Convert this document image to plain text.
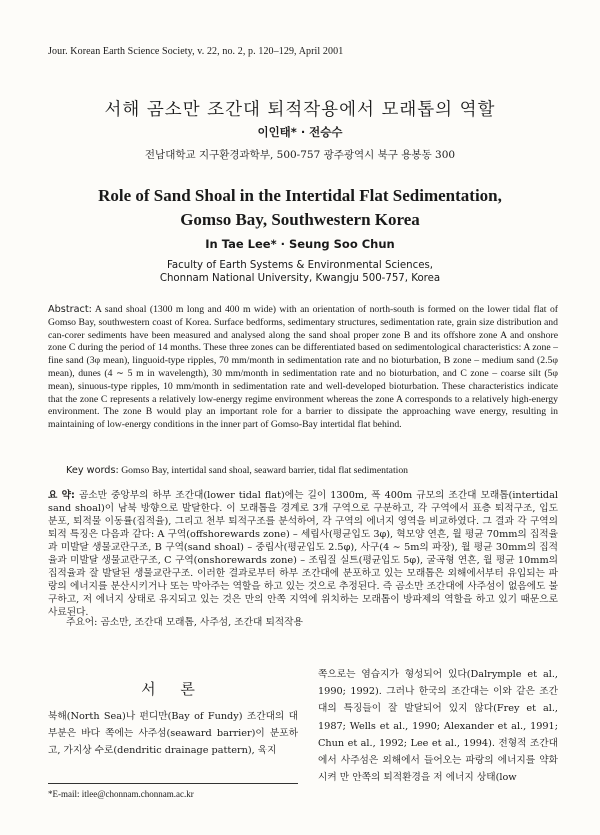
Jour. Korean Earth Science Society, v. 22, no. 2, p. 120–129, April 2001
서해 곰소만 조간대 퇴적작용에서 모래톱의 역할
이인태* · 전승수
전남대학교 지구환경과학부, 500-757 광주광역시 북구 용봉동 300
Role of Sand Shoal in the Intertidal Flat Sedimentation,
Gomso Bay, Southwestern Korea
In Tae Lee* · Seung Soo Chun
Faculty of Earth Systems & Environmental Sciences,
Chonnam National University, Kwangju 500-757, Korea
Abstract: A sand shoal (1300 m long and 400 m wide) with an orientation of north-south is formed on the lower tidal flat of Gomso Bay, southwestern coast of Korea. Surface bedforms, sedimentary structures, sedimentation rate, grain size distribution and can-corer sediments have been measured and analysed along the sand shoal proper zone B and its offshore zone A and onshore zone C during the period of 14 months. These three zones can be differentiated based on sedimentological characteristics: A zone – fine sand (3φ mean), linguoid-type ripples, 70 mm/month in sedimentation rate and no bioturbation, B zone – medium sand (2.5φ mean), dunes (4 ∼ 5 m in wavelength), 30 mm/month in sedimentation rate and no bioturbation, and C zone – coarse silt (5φ mean), sinuous-type ripples, 10 mm/month in sedimentation rate and well-developed bioturbation. These characteristics indicate that the zone C represents a relatively low-energy regime environment whereas the zone A corresponds to a relatively high-energy environment. The zone B would play an important role for a barrier to dissipate the approaching wave energy, resulting in maintaining of low-energy conditions in the inner part of Gomso-Bay intertidal flat behind.
Key words: Gomso Bay, intertidal sand shoal, seaward barrier, tidal flat sedimentation
요 약: 곰소만 중앙부의 하부 조간대(lower tidal flat)에는 길이 1300m, 폭 400m 규모의 조간대 모래톱(intertidal sand shoal)이 남북 방향으로 발달한다. 이 모래톱을 경계로 3개 구역으로 구분하고, 각 구역에서 표층 퇴적구조, 입도 분포, 퇴적물 이동률(집적율), 그리고 천부 퇴적구조를 분석하여, 각 구역의 에너지 영역을 비교하였다. 그 결과 각 구역의 퇴적 특징은 다음과 같다: A 구역(offshorewards zone) – 세립사(평균입도 3φ), 혁모양 연흔, 월 평균 70mm의 집적율과 미발달 생물교란구조, B 구역(sand shoal) – 중립사(평균입도 2.5φ), 사구(4 ∼ 5m의 파장), 월 평균 30mm의 집적율과 미발달 생물교란구조, C 구역(onshorewards zone) – 조립질 실트(평균입도 5φ), 굴곡형 연흔, 월 평균 10mm의 집적율과 잘 발달된 생물교란구조. 이러한 결과로부터 하부 조간대에 분포하고 있는 모래톱은 외해에서부터 유입되는 파랑의 에너지를 분산시키거나 또는 막아주는 역할을 하고 있는 것으로 추정된다. 즉 곰소만 조간대에 사주섬이 없음에도 불구하고, 저 에너지 상태로 유지되고 있는 것은 만의 안쪽 지역에 위치하는 모래톱이 방파제의 역할을 하고 있기 때문으로 사료된다.
주요어: 곰소만, 조간대 모래톱, 사주섬, 조간대 퇴적작용
서 론
북해(North Sea)나 펀디만(Bay of Fundy) 조간대의 대부분은 바다 쪽에는 사주섬(seaward barrier)이 분포하고, 가지상 수로(dendritic drainage pattern), 육지
쪽으로는 염습지가 형성되어 있다(Dalrymple et al., 1990; 1992). 그러나 한국의 조간대는 이와 같은 조간대의 특징들이 잘 발달되어 있지 않다(Frey et al., 1987; Wells et al., 1990; Alexander et al., 1991; Chun et al., 1992; Lee et al., 1994). 전형적 조간대에서 사주섬은 외해에서 들어오는 파랑의 에너지를 약화시켜 만 안쪽의 퇴적환경을 저 에너지 상태(low
*E-mail: itlee@chonnam.chonnam.ac.kr
